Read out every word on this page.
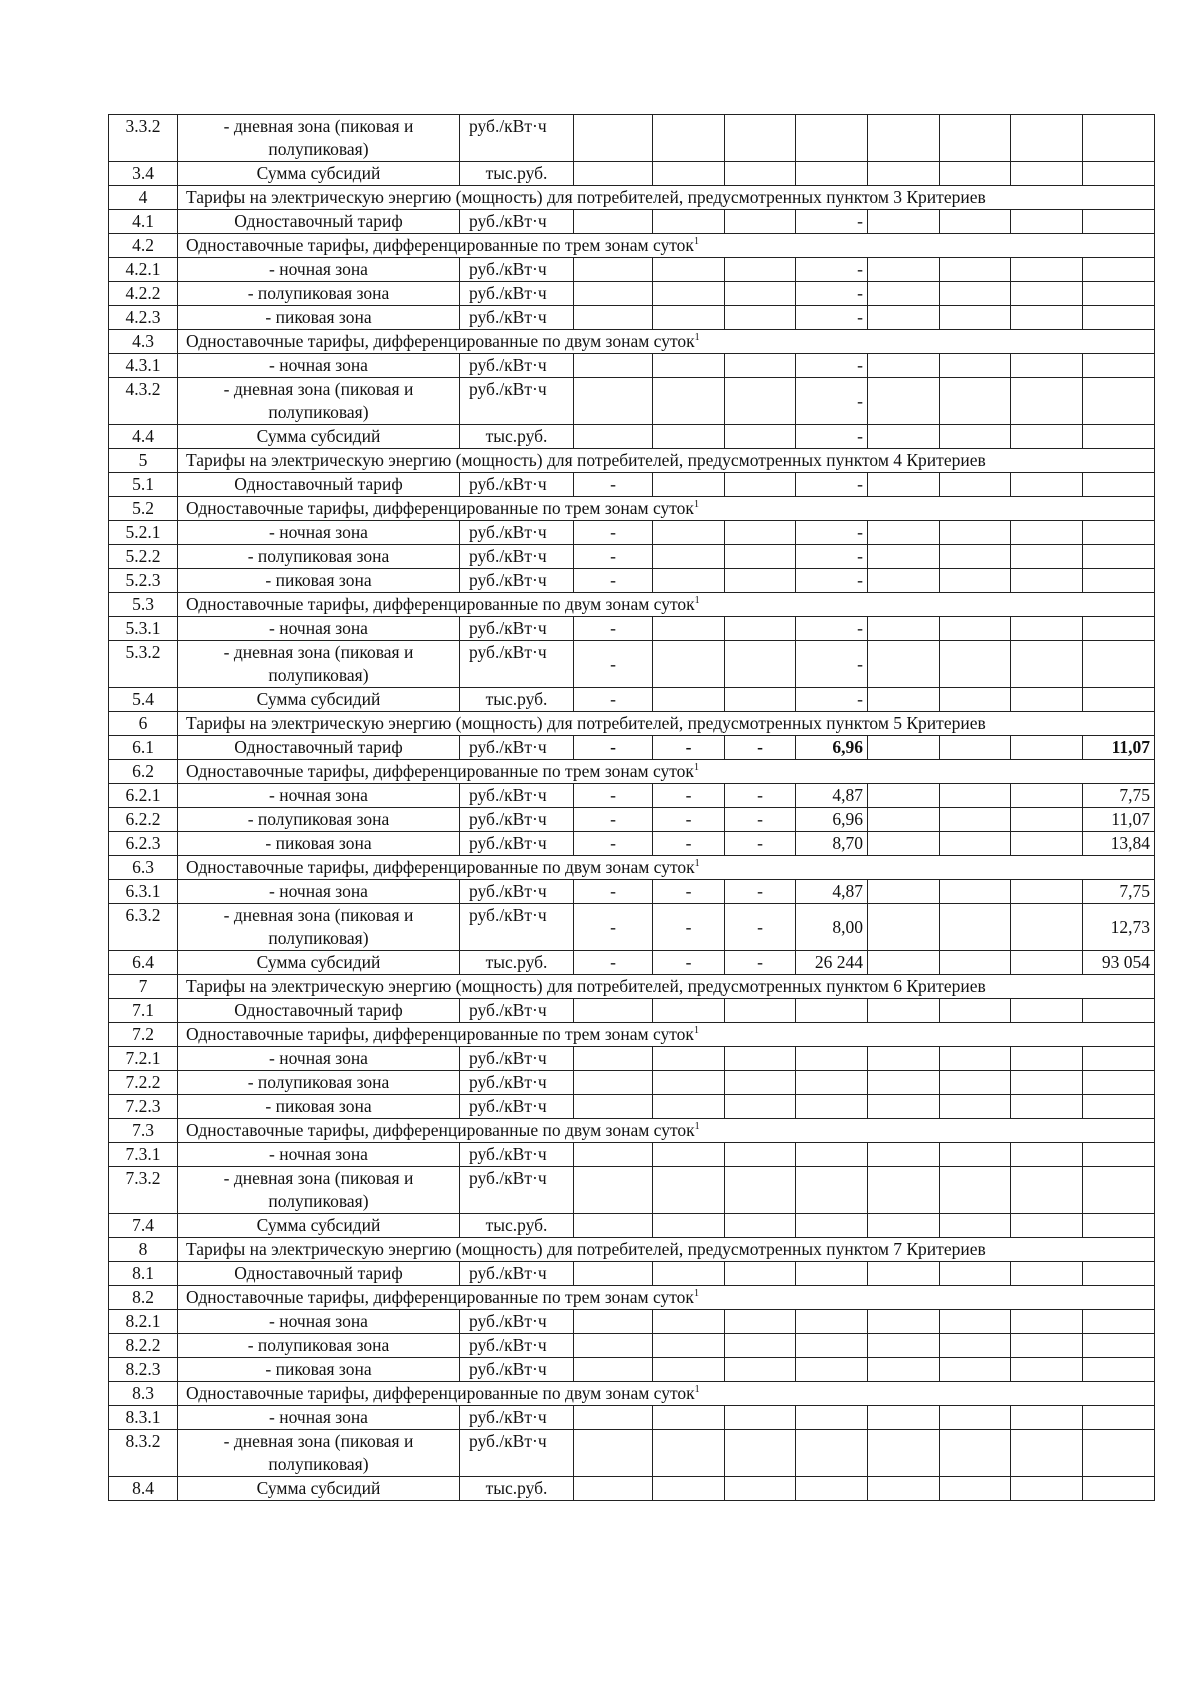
3.3.2	- дневная зона (пиковая и полупиковая)	руб./кВт·ч								
3.4	Сумма субсидий	тыс.руб.								
4	Тарифы на электрическую энергию (мощность) для потребителей, предусмотренных пунктом 3 Критериев									
4.1	Одноставочный тариф	руб./кВт·ч				-				
4.2	Одноставочные тарифы, дифференцированные по трем зонам суток$^1$
4.2.1	- ночная зона	руб./кВт·ч				-				
4.2.2	- полупиковая зона	руб./кВт·ч				-				
4.2.3	- пиковая зона	руб./кВт·ч				-				
4.3	Одноставочные тарифы, дифференцированные по двум зонам суток$^1$
4.3.1	- ночная зона	руб./кВт·ч				-				
4.3.2	- дневная зона (пиковая и полупиковая)	руб./кВт·ч				-				
4.4	Сумма субсидий	тыс.руб.				-				
5	Тарифы на электрическую энергию (мощность) для потребителей, предусмотренных пунктом 4 Критериев									
5.1	Одноставочный тариф	руб./кВт·ч	-			-				
5.2	Одноставочные тарифы, дифференцированные по трем зонам суток$^1$
5.2.1	- ночная зона	руб./кВт·ч	-			-				
5.2.2	- полупиковая зона	руб./кВт·ч	-			-				
5.2.3	- пиковая зона	руб./кВт·ч	-			-				
5.3	Одноставочные тарифы, дифференцированные по двум зонам суток$^1$
5.3.1	- ночная зона	руб./кВт·ч	-			-				
5.3.2	- дневная зона (пиковая и полупиковая)	руб./кВт·ч	-			-				
5.4	Сумма субсидий	тыс.руб.	-			-				
6	Тарифы на электрическую энергию (мощность) для потребителей, предусмотренных пунктом 5 Критериев									
6.1	Одноставочный тариф	руб./кВт·ч	-	-	-	6,96				11,07
6.2	Одноставочные тарифы, дифференцированные по трем зонам суток$^1$
6.2.1	- ночная зона	руб./кВт·ч	-	-	-	4,87				7,75
6.2.2	- полупиковая зона	руб./кВт·ч	-	-	-	6,96				11,07
6.2.3	- пиковая зона	руб./кВт·ч	-	-	-	8,70				13,84
6.3	Одноставочные тарифы, дифференцированные по двум зонам суток$^1$
6.3.1	- ночная зона	руб./кВт·ч	-	-	-	4,87				7,75
6.3.2	- дневная зона (пиковая и полупиковая)	руб./кВт·ч	-	-	-	8,00				12,73
6.4	Сумма субсидий	тыс.руб.	-	-	-	26 244				93 054
7	Тарифы на электрическую энергию (мощность) для потребителей, предусмотренных пунктом 6 Критериев									
7.1	Одноставочный тариф	руб./кВт·ч								
7.2	Одноставочные тарифы, дифференцированные по трем зонам суток$^1$
7.2.1	- ночная зона	руб./кВт·ч								
7.2.2	- полупиковая зона	руб./кВт·ч								
7.2.3	- пиковая зона	руб./кВт·ч								
7.3	Одноставочные тарифы, дифференцированные по двум зонам суток$^1$
7.3.1	- ночная зона	руб./кВт·ч								
7.3.2	- дневная зона (пиковая и полупиковая)	руб./кВт·ч								
7.4	Сумма субсидий	тыс.руб.								
8	Тарифы на электрическую энергию (мощность) для потребителей, предусмотренных пунктом 7 Критериев									
8.1	Одноставочный тариф	руб./кВт·ч								
8.2	Одноставочные тарифы, дифференцированные по трем зонам суток$^1$
8.2.1	- ночная зона	руб./кВт·ч								
8.2.2	- полупиковая зона	руб./кВт·ч								
8.2.3	- пиковая зона	руб./кВт·ч								
8.3	Одноставочные тарифы, дифференцированные по двум зонам суток$^1$
8.3.1	- ночная зона	руб./кВт·ч								
8.3.2	- дневная зона (пиковая и полупиковая)	руб./кВт·ч								
8.4	Сумма субсидий	тыс.руб.								
